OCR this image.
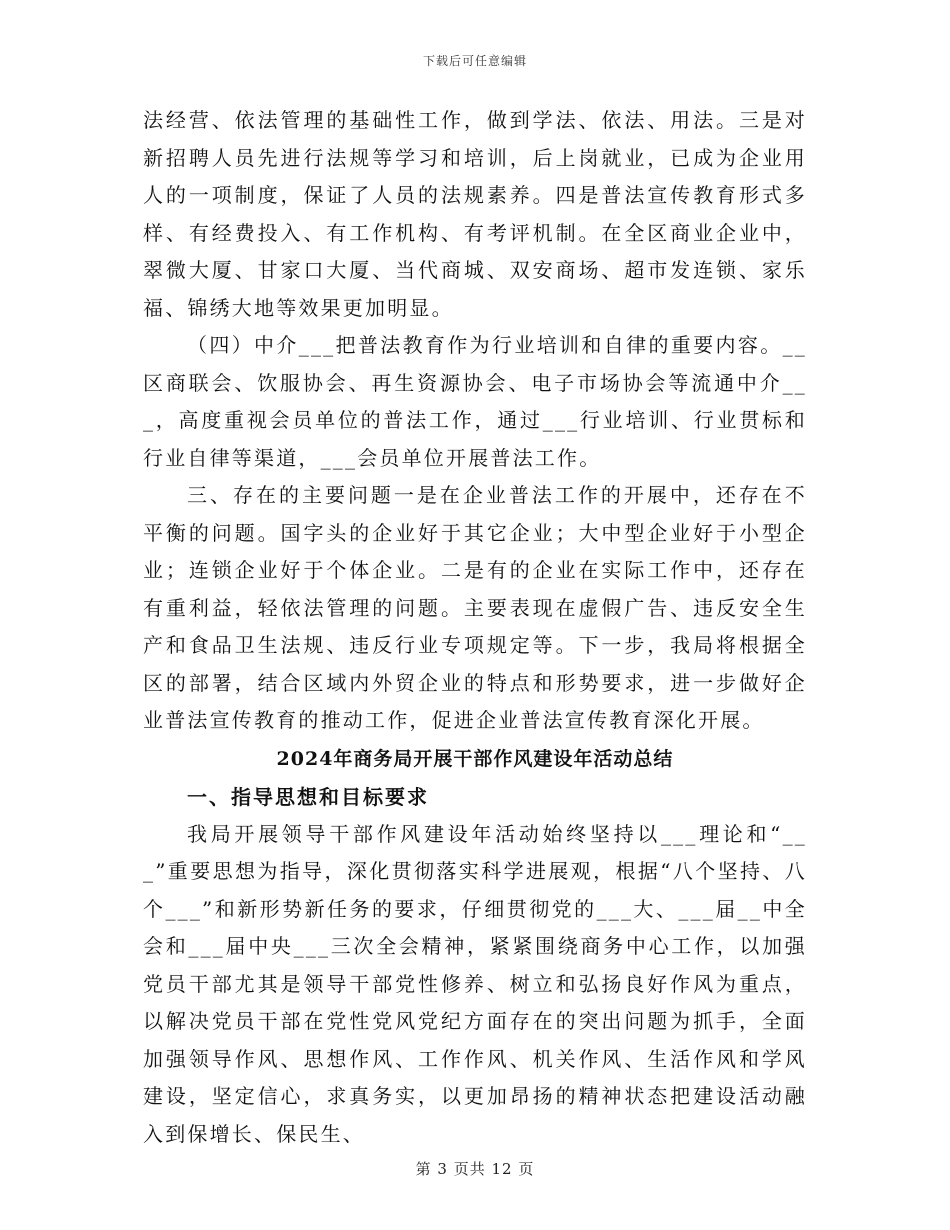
下载后可任意编辑

法经营、依法管理的基础性工作，做到学法、依法、用法。三是对新招聘人员先进行法规等学习和培训，后上岗就业，已成为企业用人的一项制度，保证了人员的法规素养。四是普法宣传教育形式多样、有经费投入、有工作机构、有考评机制。在全区商业企业中，翠微大厦、甘家口大厦、当代商城、双安商场、超市发连锁、家乐福、锦绣大地等效果更加明显。

（四）中介___把普法教育作为行业培训和自律的重要内容。__区商联会、饮服协会、再生资源协会、电子市场协会等流通中介___，高度重视会员单位的普法工作，通过___行业培训、行业贯标和行业自律等渠道，___会员单位开展普法工作。

三、存在的主要问题一是在企业普法工作的开展中，还存在不平衡的问题。国字头的企业好于其它企业；大中型企业好于小型企业；连锁企业好于个体企业。二是有的企业在实际工作中，还存在有重利益，轻依法管理的问题。主要表现在虚假广告、违反安全生产和食品卫生法规、违反行业专项规定等。下一步，我局将根据全区的部署，结合区域内外贸企业的特点和形势要求，进一步做好企业普法宣传教育的推动工作，促进企业普法宣传教育深化开展。

2024年商务局开展干部作风建设年活动总结

一、指导思想和目标要求

我局开展领导干部作风建设年活动始终坚持以___理论和“___”重要思想为指导，深化贯彻落实科学进展观，根据“八个坚持、八个___”和新形势新任务的要求，仔细贯彻党的___大、___届__中全会和___届中央___三次全会精神，紧紧围绕商务中心工作，以加强党员干部尤其是领导干部党性修养、树立和弘扬良好作风为重点，以解决党员干部在党性党风党纪方面存在的突出问题为抓手，全面加强领导作风、思想作风、工作作风、机关作风、生活作风和学风建设，坚定信心，求真务实，以更加昂扬的精神状态把建设活动融入到保增长、保民生、

第 3 页共 12 页
